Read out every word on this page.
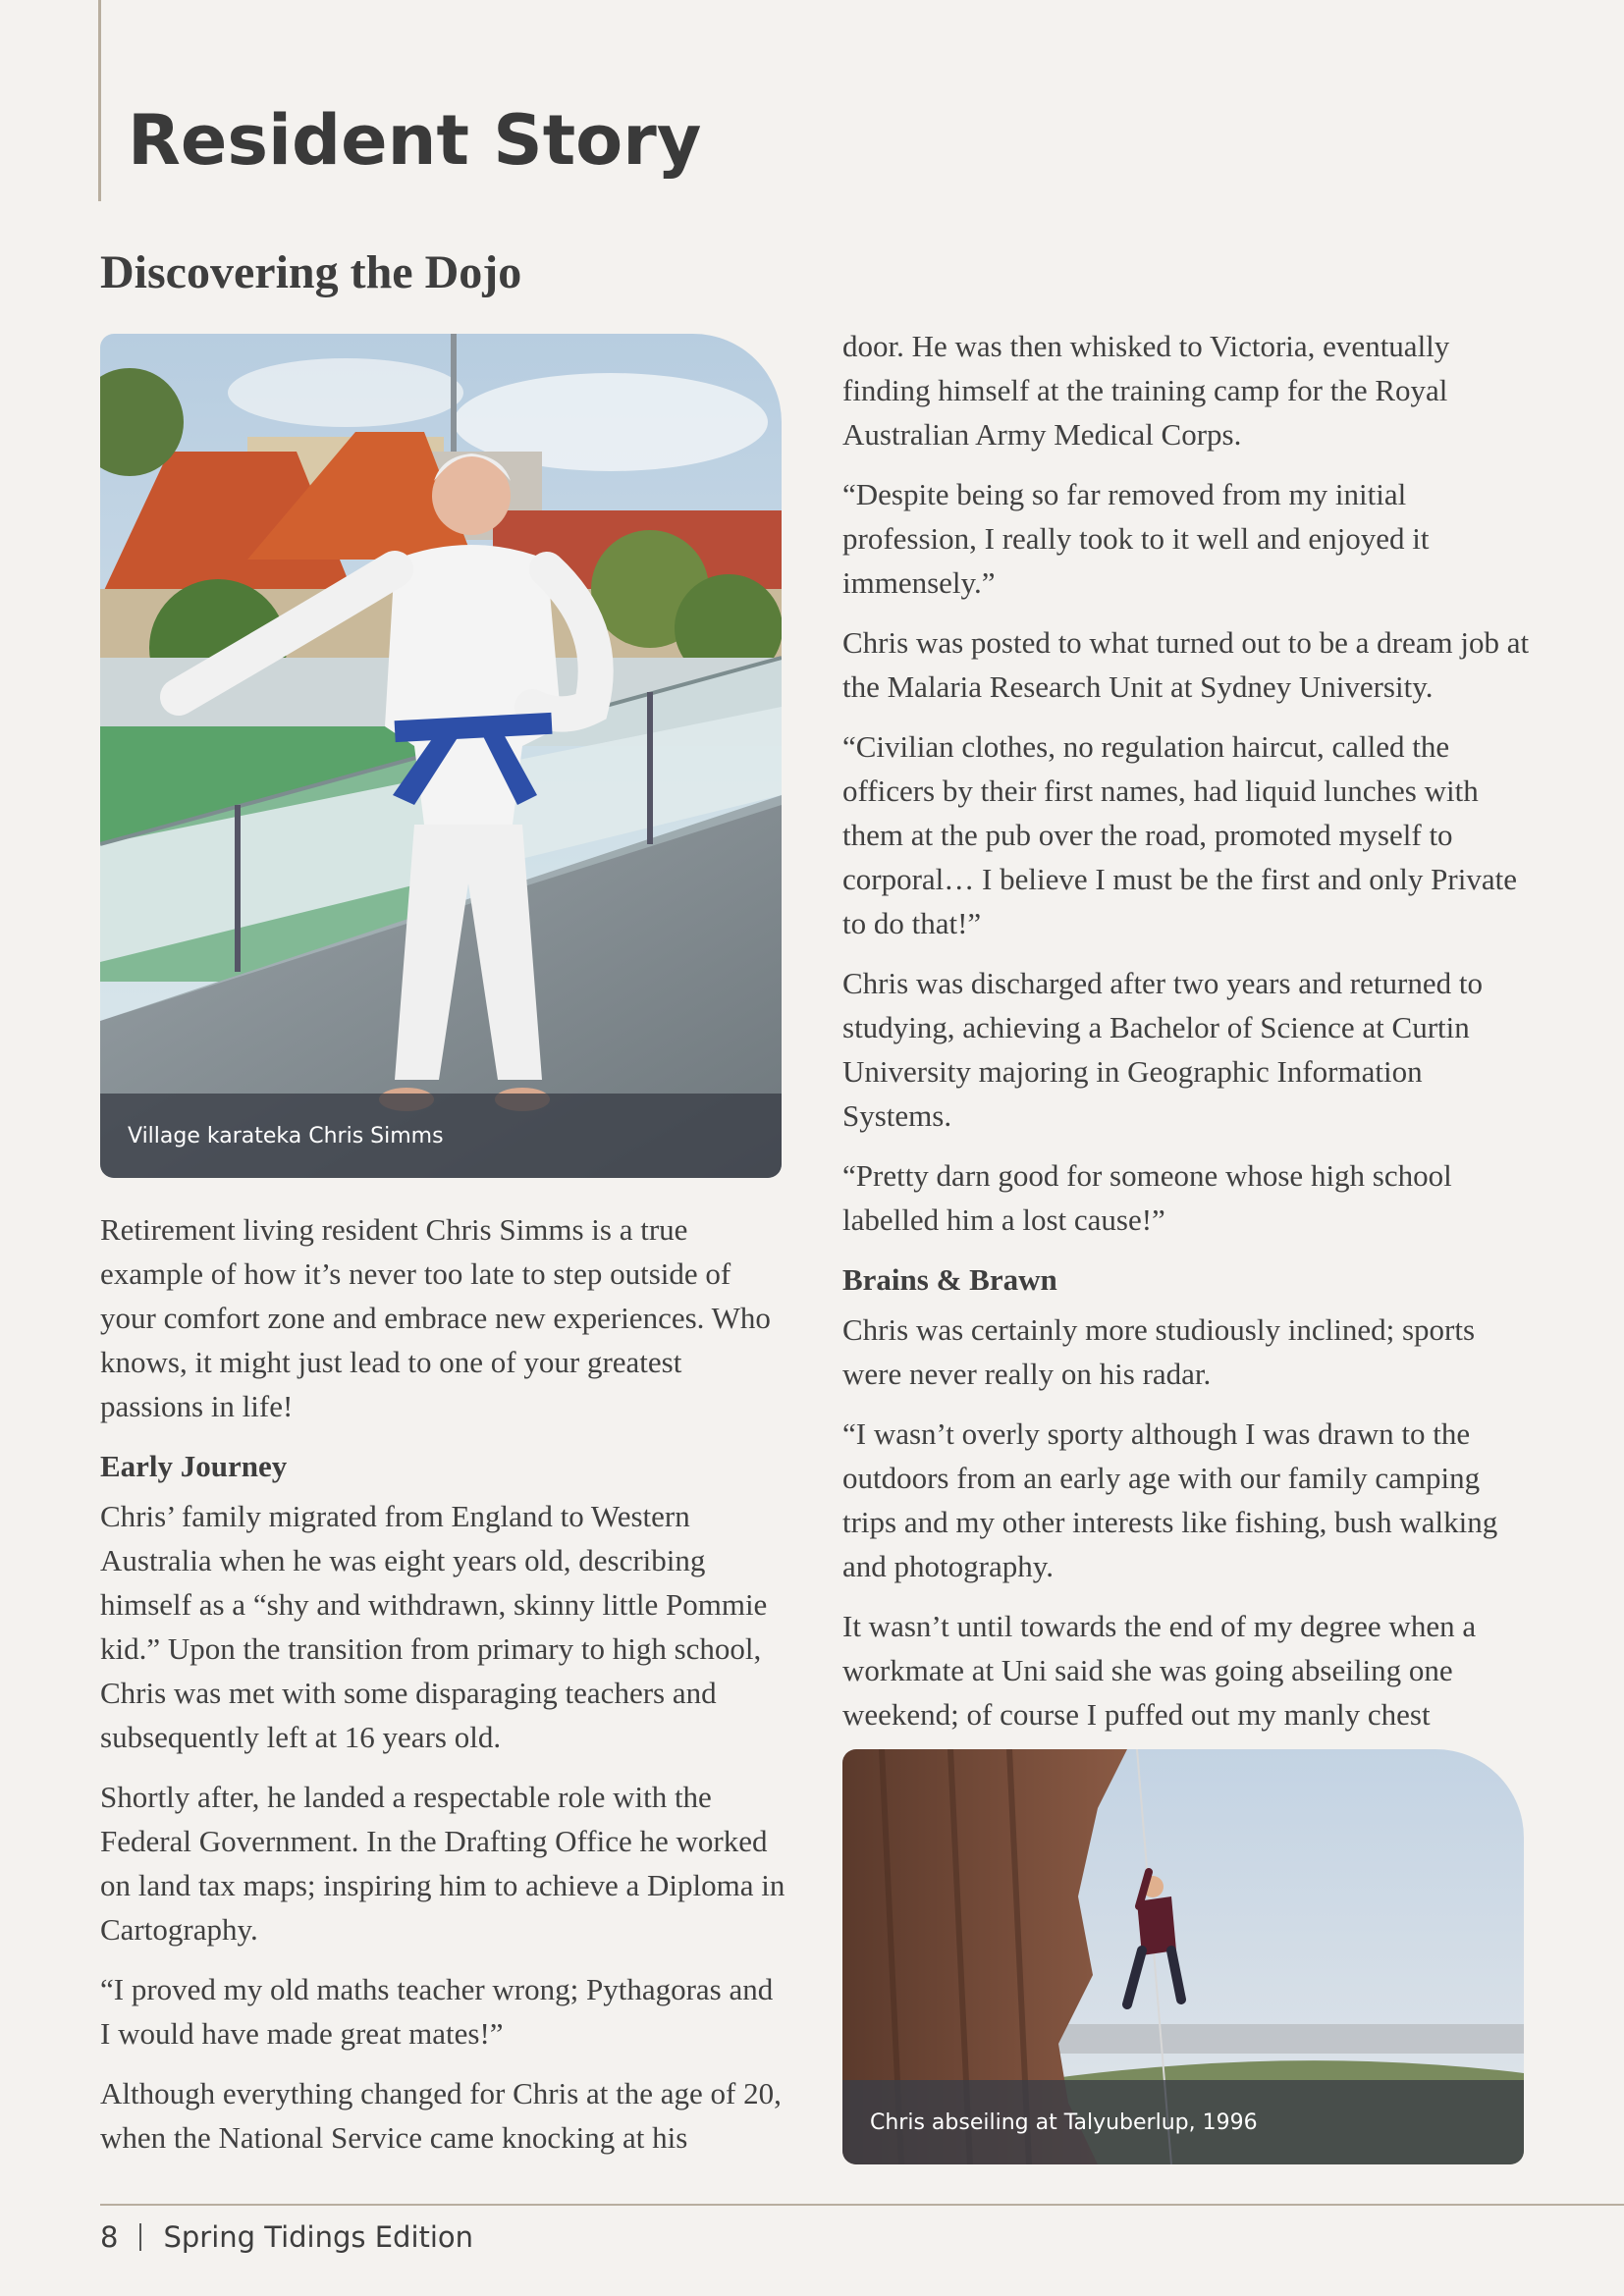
Resident Story
Discovering the Dojo
Village karateka Chris Simms

Retirement living resident Chris Simms is a true example of how it’s never too late to step outside of your comfort zone and embrace new experiences. Who knows, it might just lead to one of your greatest passions in life!

Early Journey

Chris’ family migrated from England to Western Australia when he was eight years old, describing himself as a “shy and withdrawn, skinny little Pommie kid.” Upon the transition from primary to high school, Chris was met with some disparaging teachers and subsequently left at 16 years old.

Shortly after, he landed a respectable role with the Federal Government. In the Drafting Office he worked on land tax maps; inspiring him to achieve a Diploma in Cartography.

“I proved my old maths teacher wrong; Pythagoras and I would have made great mates!”

Although everything changed for Chris at the age of 20, when the National Service came knocking at his

door. He was then whisked to Victoria, eventually finding himself at the training camp for the Royal Australian Army Medical Corps.

“Despite being so far removed from my initial profession, I really took to it well and enjoyed it immensely.”

Chris was posted to what turned out to be a dream job at the Malaria Research Unit at Sydney University.

“Civilian clothes, no regulation haircut, called the officers by their first names, had liquid lunches with them at the pub over the road, promoted myself to corporal… I believe I must be the first and only Private to do that!”

Chris was discharged after two years and returned to studying, achieving a Bachelor of Science at Curtin University majoring in Geographic Information Systems.

“Pretty darn good for someone whose high school labelled him a lost cause!”

Brains & Brawn

Chris was certainly more studiously inclined; sports were never really on his radar.

“I wasn’t overly sporty although I was drawn to the outdoors from an early age with our family camping trips and my other interests like fishing, bush walking and photography.

It wasn’t until towards the end of my degree when a workmate at Uni said she was going abseiling one weekend; of course I puffed out my manly chest

Chris abseiling at Talyuberlup, 1996
8 Spring Tidings Edition
